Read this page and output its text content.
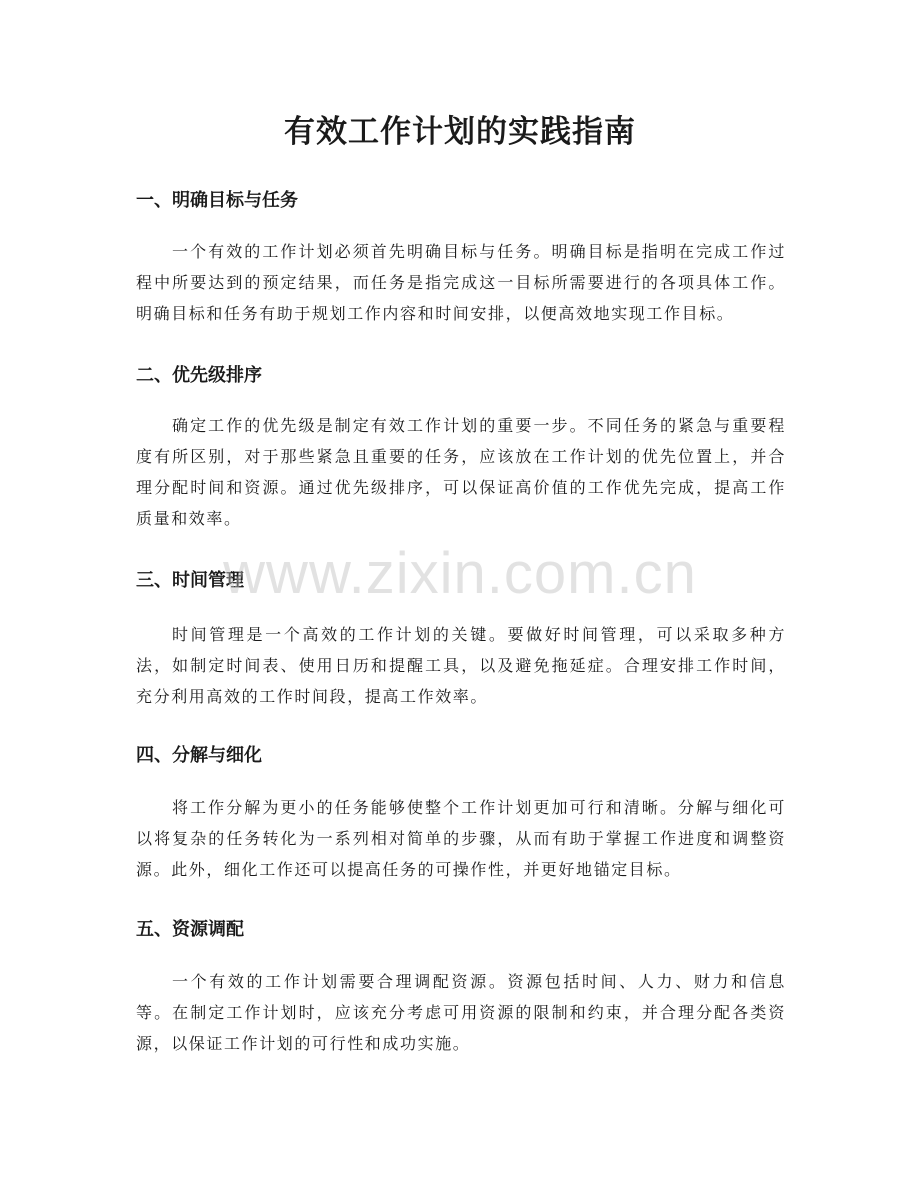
有效工作计划的实践指南
一、明确目标与任务

一个有效的工作计划必须首先明确目标与任务。明确目标是指明在完成工作过程中所要达到的预定结果，而任务是指完成这一目标所需要进行的各项具体工作。明确目标和任务有助于规划工作内容和时间安排，以便高效地实现工作目标。

二、优先级排序

确定工作的优先级是制定有效工作计划的重要一步。不同任务的紧急与重要程度有所区别，对于那些紧急且重要的任务，应该放在工作计划的优先位置上，并合理分配时间和资源。通过优先级排序，可以保证高价值的工作优先完成，提高工作质量和效率。

三、时间管理

时间管理是一个高效的工作计划的关键。要做好时间管理，可以采取多种方法，如制定时间表、使用日历和提醒工具，以及避免拖延症。合理安排工作时间，充分利用高效的工作时间段，提高工作效率。

四、分解与细化

将工作分解为更小的任务能够使整个工作计划更加可行和清晰。分解与细化可以将复杂的任务转化为一系列相对简单的步骤，从而有助于掌握工作进度和调整资源。此外，细化工作还可以提高任务的可操作性，并更好地锚定目标。

五、资源调配

一个有效的工作计划需要合理调配资源。资源包括时间、人力、财力和信息等。在制定工作计划时，应该充分考虑可用资源的限制和约束，并合理分配各类资源，以保证工作计划的可行性和成功实施。

www.zixin.com.cn
